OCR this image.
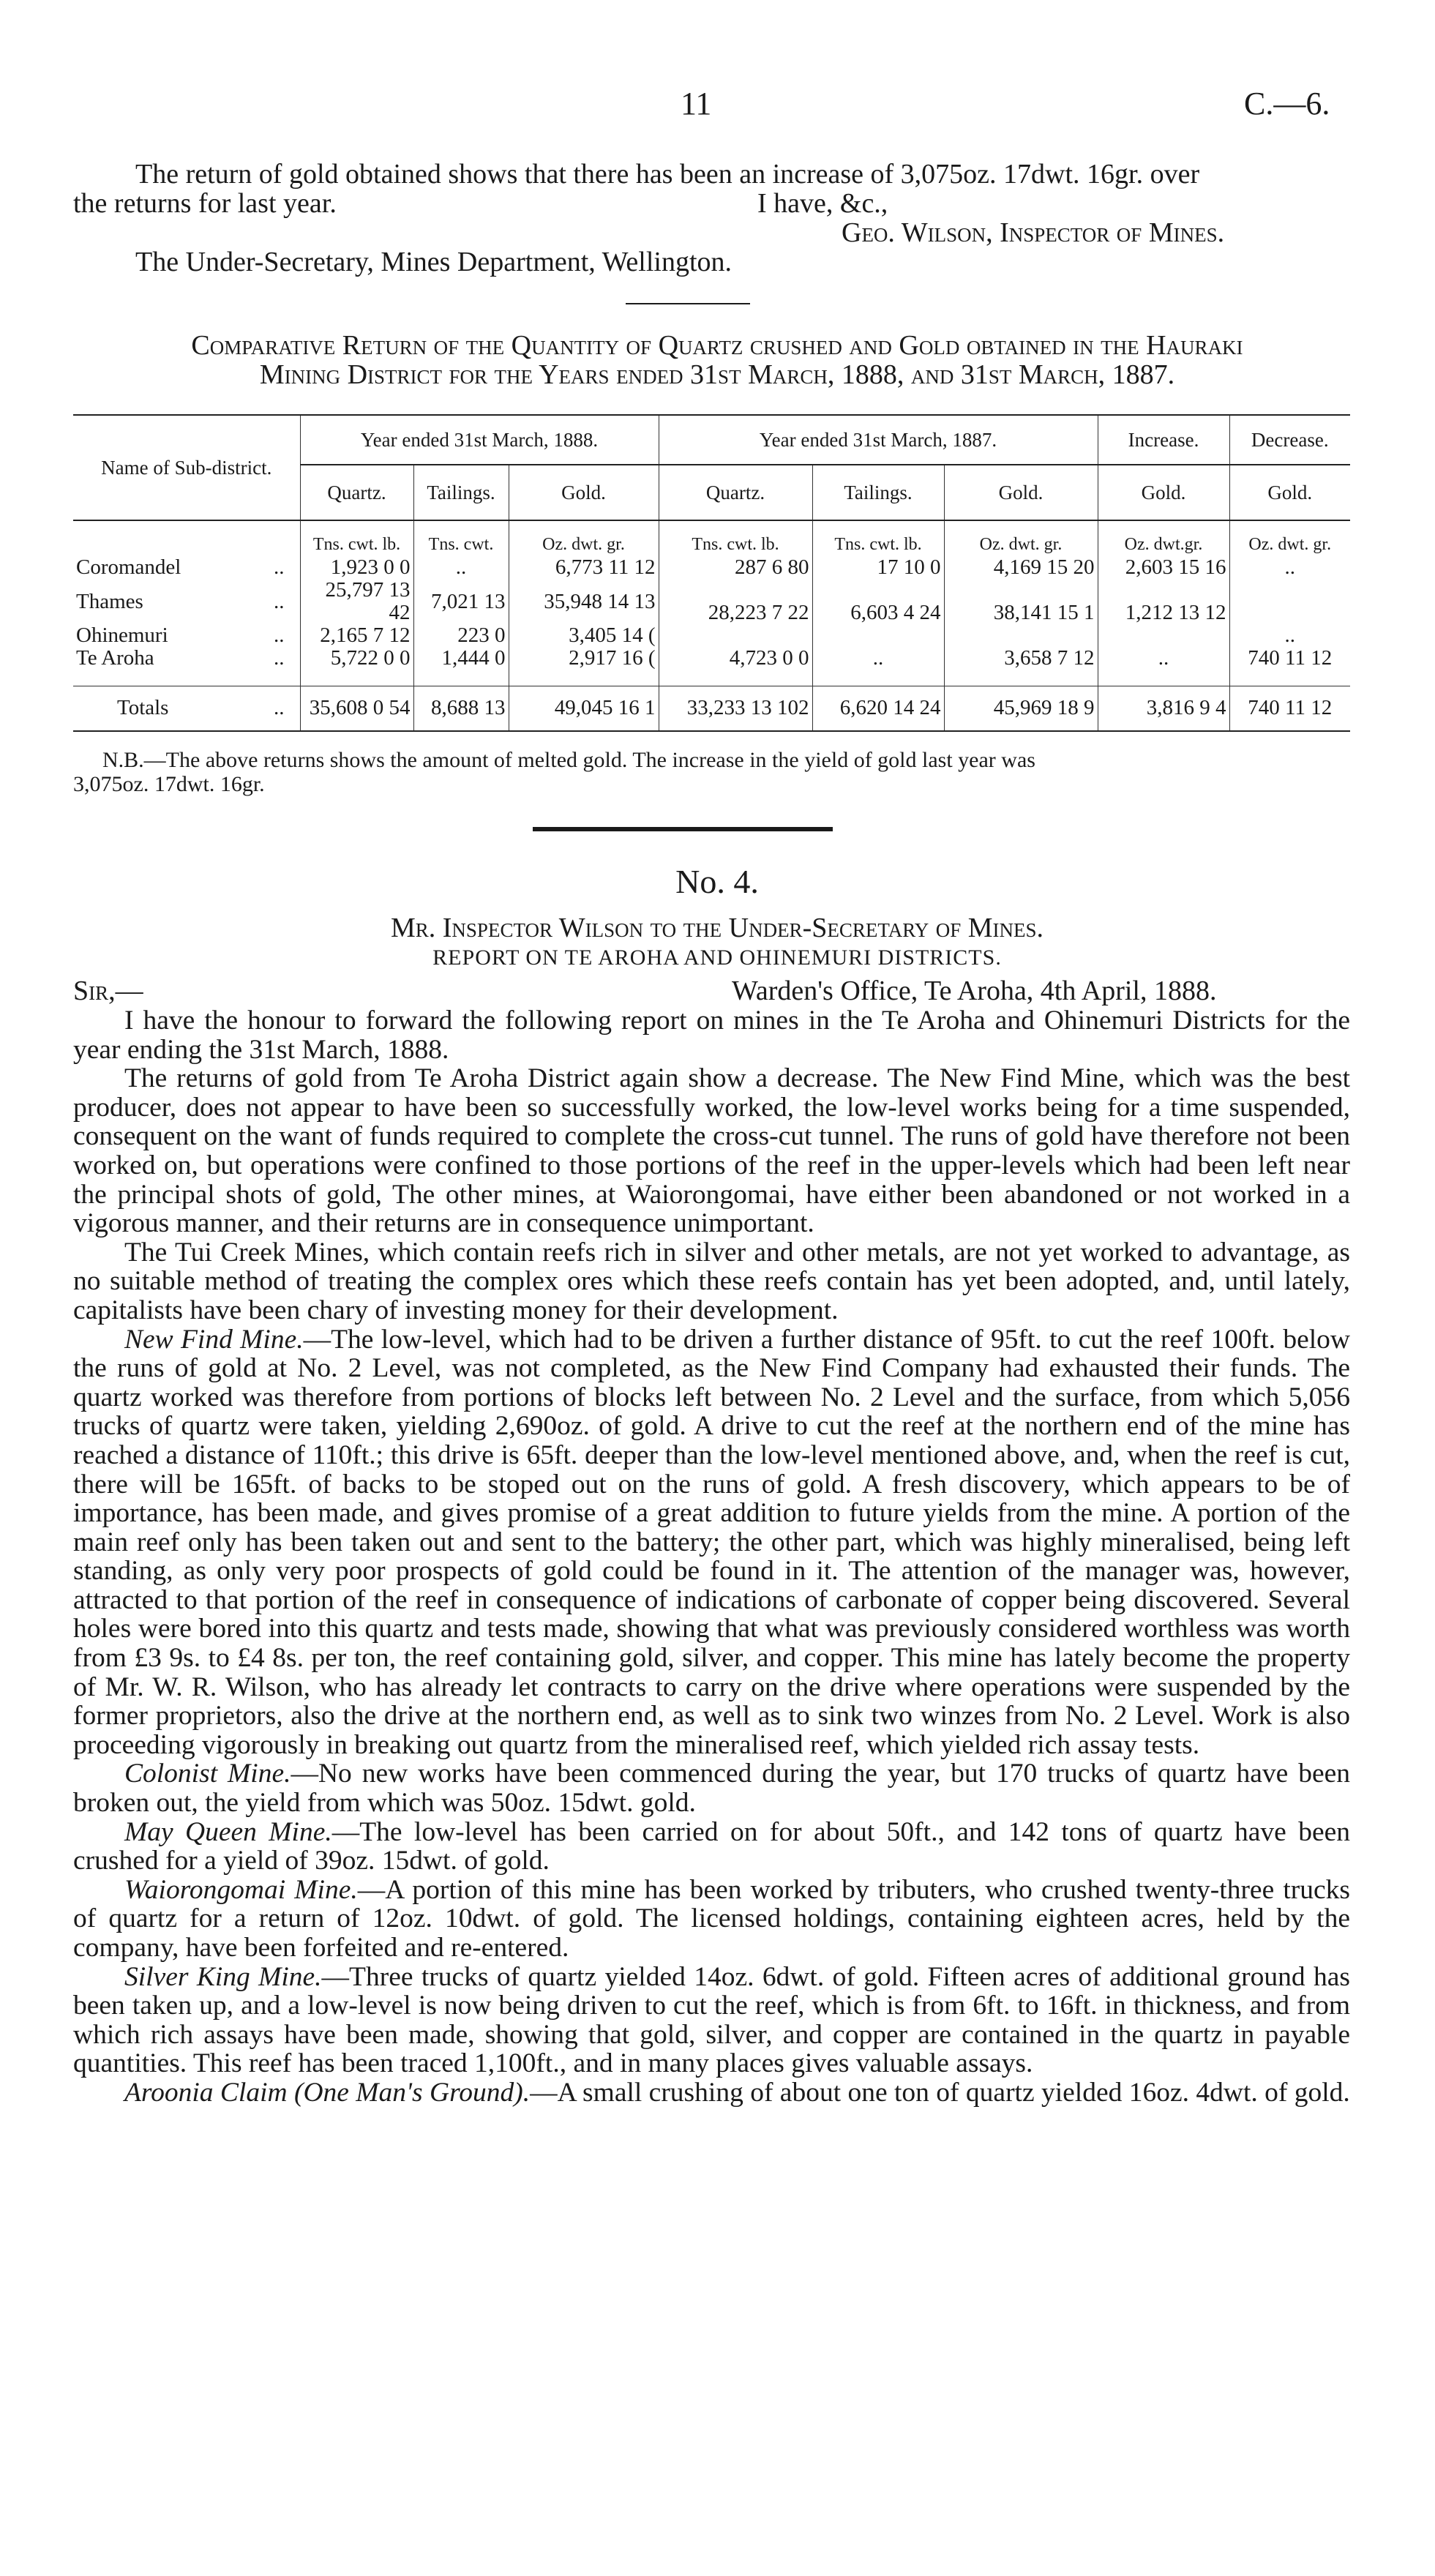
11	C.—6.
The return of gold obtained shows that there has been an increase of 3,075oz. 17dwt. 16gr. over
the returns for last year.	I have, &c.,
Geo. Wilson, Inspector of Mines.
The Under-Secretary, Mines Department, Wellington.
Comparative Return of the Quantity of Quartz crushed and Gold obtained in the Hauraki
Mining District for the Years ended 31st March, 1888, and 31st March, 1887.
Name of Sub-district.		Year ended 31st March, 1888.			Year ended 31st March, 1887.			Increase.	Decrease.
		Quartz.	Tailings.	Gold.	Quartz.	Tailings.	Gold.	Gold.	Gold.

		Tns. cwt. lb.	Tns. cwt.	Oz. dwt. gr.	Tns. cwt. lb.	Tns. cwt. lb.	Oz. dwt. gr.	Oz. dwt.gr.	Oz. dwt. gr.
Coromandel	..	1,923 0 0	..	6,773 11 12	287 6 80	17 10 0	4,169 15 20	2,603 15 16	..
Thames	..	25,797 13 42	7,021 13	35,948 14 13	28,223 7 22	6,603 4 24	38,141 15 1	1,212 13 12	
Ohinemuri	..	2,165 7 12	223 0	3,405 14 (					..
Te Aroha	..	5,722 0 0	1,444 0	2,917 16 (	4,723 0 0	..	3,658 7 12	..	740 11 12

Totals	..	35,608 0 54	8,688 13	49,045 16 1	33,233 13 102	6,620 14 24	45,969 18 9	3,816 9 4	740 11 12
N.B.—The above returns shows the amount of melted gold. The increase in the yield of gold last year was
3,075oz. 17dwt. 16gr.
No. 4.
Mr. Inspector Wilson to the Under-Secretary of Mines.
REPORT ON TE AROHA AND OHINEMURI DISTRICTS.
Sir,—	Warden's Office, Te Aroha, 4th April, 1888.

I have the honour to forward the following report on mines in the Te Aroha and Ohinemuri Districts for the year ending the 31st March, 1888.

The returns of gold from Te Aroha District again show a decrease. The New Find Mine, which was the best producer, does not appear to have been so successfully worked, the low-level works being for a time suspended, consequent on the want of funds required to complete the cross-cut tunnel. The runs of gold have therefore not been worked on, but operations were confined to those portions of the reef in the upper-levels which had been left near the principal shots of gold, The other mines, at Waiorongomai, have either been abandoned or not worked in a vigorous manner, and their returns are in consequence unimportant.

The Tui Creek Mines, which contain reefs rich in silver and other metals, are not yet worked to advantage, as no suitable method of treating the complex ores which these reefs contain has yet been adopted, and, until lately, capitalists have been chary of investing money for their development.

New Find Mine.—The low-level, which had to be driven a further distance of 95ft. to cut the reef 100ft. below the runs of gold at No. 2 Level, was not completed, as the New Find Company had exhausted their funds. The quartz worked was therefore from portions of blocks left between No. 2 Level and the surface, from which 5,056 trucks of quartz were taken, yielding 2,690oz. of gold. A drive to cut the reef at the northern end of the mine has reached a distance of 110ft.; this drive is 65ft. deeper than the low-level mentioned above, and, when the reef is cut, there will be 165ft. of backs to be stoped out on the runs of gold. A fresh discovery, which appears to be of importance, has been made, and gives promise of a great addition to future yields from the mine. A portion of the main reef only has been taken out and sent to the battery; the other part, which was highly mineralised, being left standing, as only very poor prospects of gold could be found in it. The attention of the manager was, however, attracted to that portion of the reef in consequence of indications of carbonate of copper being discovered. Several holes were bored into this quartz and tests made, showing that what was previously considered worthless was worth from £3 9s. to £4 8s. per ton, the reef containing gold, silver, and copper. This mine has lately become the property of Mr. W. R. Wilson, who has already let contracts to carry on the drive where operations were suspended by the former proprietors, also the drive at the northern end, as well as to sink two winzes from No. 2 Level. Work is also proceeding vigorously in breaking out quartz from the mineralised reef, which yielded rich assay tests.

Colonist Mine.—No new works have been commenced during the year, but 170 trucks of quartz have been broken out, the yield from which was 50oz. 15dwt. gold.

May Queen Mine.—The low-level has been carried on for about 50ft., and 142 tons of quartz have been crushed for a yield of 39oz. 15dwt. of gold.

Waiorongomai Mine.—A portion of this mine has been worked by tributers, who crushed twenty-three trucks of quartz for a return of 12oz. 10dwt. of gold. The licensed holdings, containing eighteen acres, held by the company, have been forfeited and re-entered.

Silver King Mine.—Three trucks of quartz yielded 14oz. 6dwt. of gold. Fifteen acres of additional ground has been taken up, and a low-level is now being driven to cut the reef, which is from 6ft. to 16ft. in thickness, and from which rich assays have been made, showing that gold, silver, and copper are contained in the quartz in payable quantities. This reef has been traced 1,100ft., and in many places gives valuable assays.

Aroonia Claim (One Man's Ground).—A small crushing of about one ton of quartz yielded 16oz. 4dwt. of gold.
